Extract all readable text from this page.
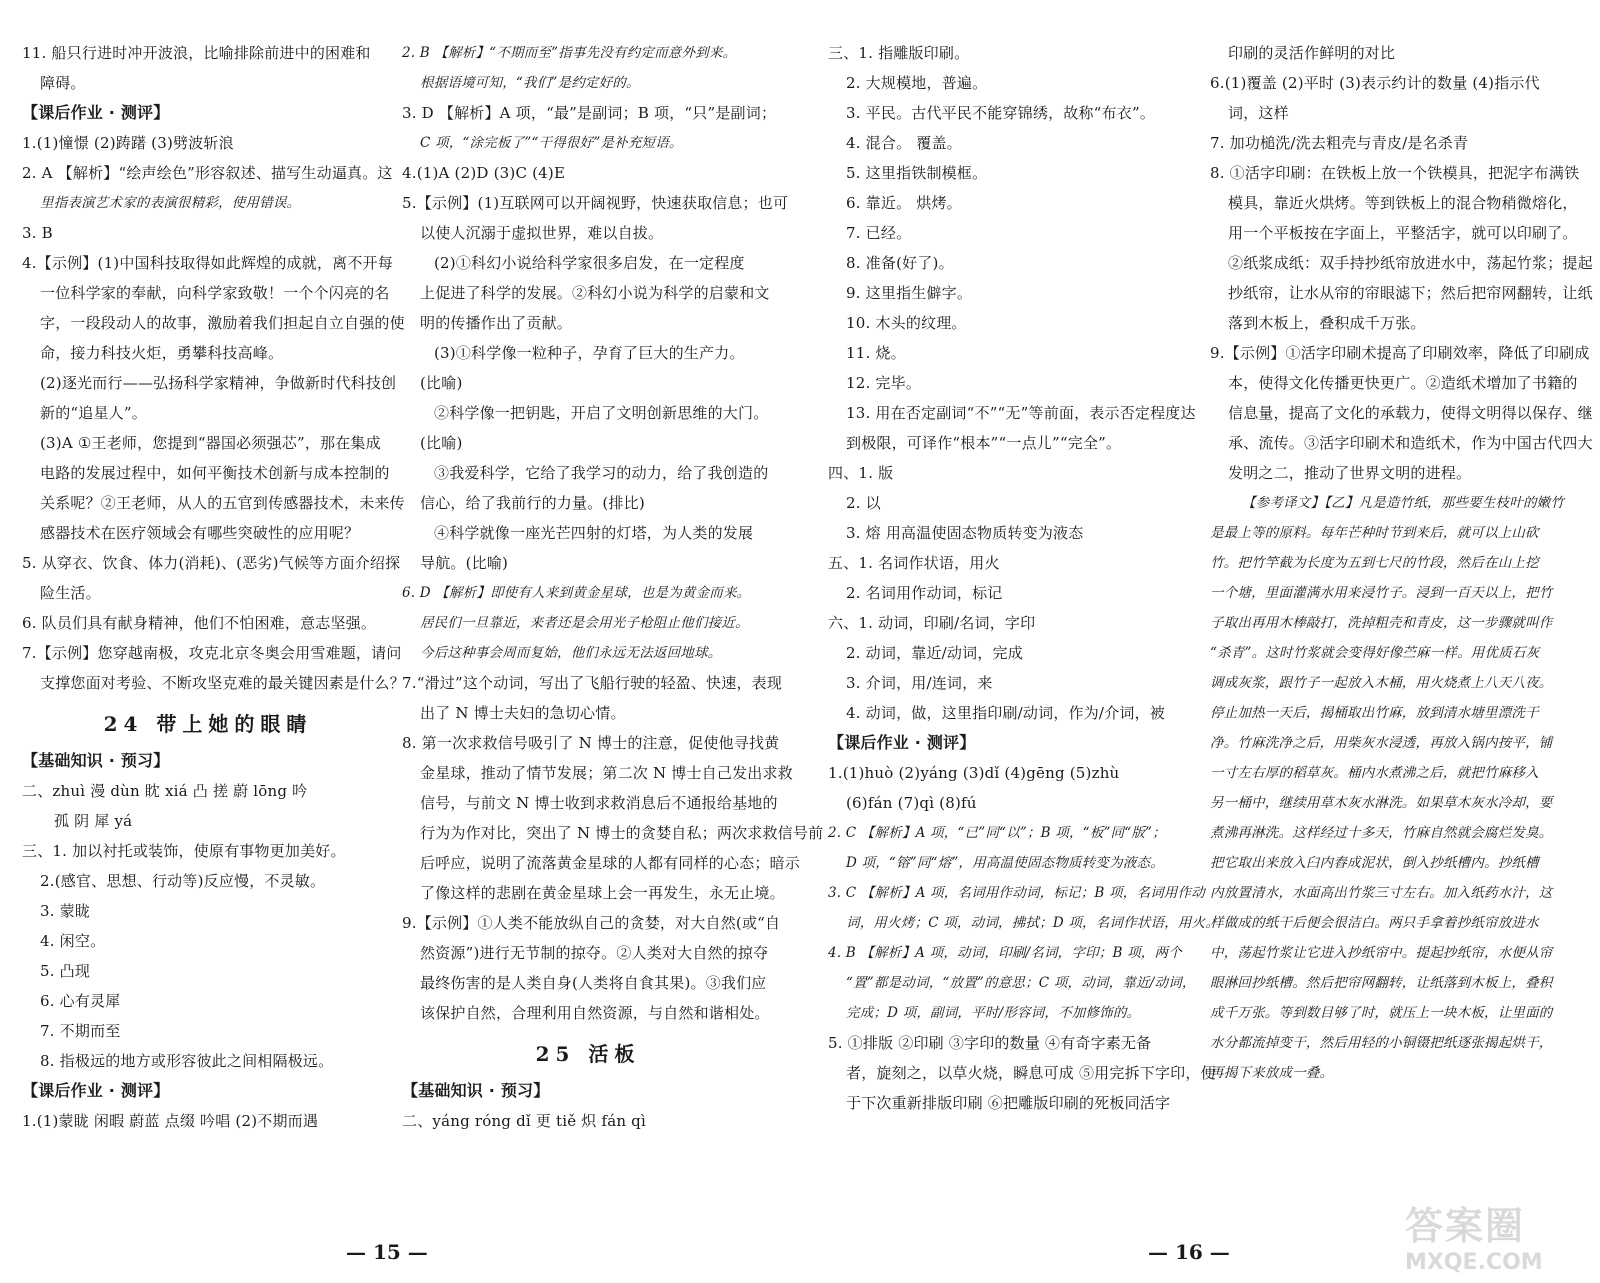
11. 船只行进时冲开波浪，比喻排除前进中的困难和
障碍。
【课后作业 · 测评】
1.(1)憧憬 (2)踌躇 (3)劈波斩浪
2. A 【解析】“绘声绘色”形容叙述、描写生动逼真。这
里指表演艺术家的表演很精彩，使用错误。
3. B
4.【示例】(1)中国科技取得如此辉煌的成就，离不开每
一位科学家的奉献，向科学家致敬！一个个闪亮的名
字，一段段动人的故事，激励着我们担起自立自强的使
命，接力科技火炬，勇攀科技高峰。
(2)逐光而行——弘扬科学家精神，争做新时代科技创
新的“追星人”。
(3)A ①王老师，您提到“器国必须强芯”，那在集成
电路的发展过程中，如何平衡技术创新与成本控制的
关系呢？②王老师，从人的五官到传感器技术，未来传
感器技术在医疗领域会有哪些突破性的应用呢？
5. 从穿衣、饮食、体力(消耗)、(恶劣)气候等方面介绍探
险生活。
6. 队员们具有献身精神，他们不怕困难，意志坚强。
7.【示例】您穿越南极，攻克北京冬奥会用雪难题，请问
支撑您面对考验、不断攻坚克难的最关键因素是什么？
24 带上她的眼睛
【基础知识 · 预习】
二、zhuì 漫 dùn 眈 xiá 凸 搓 蔚 lōng 吟
孤 阴 犀 yá
三、1. 加以衬托或装饰，使原有事物更加美好。
2.(感官、思想、行动等)反应慢，不灵敏。
3. 蒙眬
4. 闲空。
5. 凸现
6. 心有灵犀
7. 不期而至
8. 指极远的地方或形容彼此之间相隔极远。
【课后作业 · 测评】
1.(1)蒙眬 闲暇 蔚蓝 点缀 吟唱 (2)不期而遇
2. B 【解析】“不期而至”指事先没有约定而意外到来。
根据语境可知，“我们”是约定好的。
3. D 【解析】A 项，“最”是副词；B 项，“只”是副词；
C 项，“涂完板了”“干得很好”是补充短语。
4.(1)A (2)D (3)C (4)E
5.【示例】(1)互联网可以开阔视野，快速获取信息；也可
以使人沉溺于虚拟世界，难以自拔。
(2)①科幻小说给科学家很多启发，在一定程度
上促进了科学的发展。②科幻小说为科学的启蒙和文
明的传播作出了贡献。
(3)①科学像一粒种子，孕育了巨大的生产力。
(比喻)
②科学像一把钥匙，开启了文明创新思维的大门。
(比喻)
③我爱科学，它给了我学习的动力，给了我创造的
信心，给了我前行的力量。(排比)
④科学就像一座光芒四射的灯塔，为人类的发展
导航。(比喻)
6. D 【解析】即使有人来到黄金星球，也是为黄金而来。
居民们一旦靠近，来者还是会用光子枪阻止他们接近。
今后这种事会周而复始，他们永远无法返回地球。
7.“滑过”这个动词，写出了飞船行驶的轻盈、快速，表现
出了 N 博士夫妇的急切心情。
8. 第一次求救信号吸引了 N 博士的注意，促使他寻找黄
金星球，推动了情节发展；第二次 N 博士自己发出求救
信号，与前文 N 博士收到求救消息后不通报给基地的
行为为作对比，突出了 N 博士的贪婪自私；两次求救信号前
后呼应，说明了流落黄金星球的人都有同样的心态；暗示
了像这样的悲剧在黄金星球上会一再发生，永无止境。
9.【示例】①人类不能放纵自己的贪婪，对大自然(或“自
然资源”)进行无节制的掠夺。②人类对大自然的掠夺
最终伤害的是人类自身(人类将自食其果)。③我们应
该保护自然，合理利用自然资源，与自然和谐相处。
25 活板
【基础知识 · 预习】
二、yáng róng dǐ 更 tiě 炽 fán qì
三、1. 指雕版印刷。
2. 大规模地，普遍。
3. 平民。古代平民不能穿锦绣，故称“布衣”。
4. 混合。 覆盖。
5. 这里指铁制模框。
6. 靠近。 烘烤。
7. 已经。
8. 准备(好了)。
9. 这里指生僻字。
10. 木头的纹理。
11. 烧。
12. 完毕。
13. 用在否定副词“不”“无”等前面，表示否定程度达
到极限，可译作“根本”“一点儿”“完全”。
四、1. 版
2. 以
3. 熔 用高温使固态物质转变为液态
五、1. 名词作状语，用火
2. 名词用作动词，标记
六、1. 动词，印刷/名词，字印
2. 动词，靠近/动词，完成
3. 介词，用/连词，来
4. 动词，做，这里指印刷/动词，作为/介词，被
【课后作业 · 测评】
1.(1)huò (2)yáng (3)dǐ (4)gēng (5)zhù
(6)fán (7)qì (8)fú
2. C 【解析】A 项，“已”同“以”；B 项，“板”同“版”；
D 项，“镕”同“熔”，用高温使固态物质转变为液态。
3. C 【解析】A 项，名词用作动词，标记；B 项，名词用作动
词，用火烤；C 项，动词，拂拭；D 项，名词作状语，用火。
4. B 【解析】A 项，动词，印刷/名词，字印；B 项，两个
“置”都是动词，“放置”的意思；C 项，动词，靠近/动词，
完成；D 项，副词，平时/形容词，不加修饰的。
5. ①排版 ②印刷 ③字印的数量 ④有奇字素无备
者，旋刻之，以草火烧，瞬息可成 ⑤用完拆下字印，便
于下次重新排版印刷 ⑥把雕版印刷的死板同活字
印刷的灵活作鲜明的对比
6.(1)覆盖 (2)平时 (3)表示约计的数量 (4)指示代
词，这样
7. 加功槌洗/洗去粗壳与青皮/是名杀青
8. ①活字印刷：在铁板上放一个铁模具，把泥字布满铁
模具，靠近火烘烤。等到铁板上的混合物稍微熔化，
用一个平板按在字面上，平整活字，就可以印刷了。
②纸浆成纸：双手持抄纸帘放进水中，荡起竹浆；提起
抄纸帘，让水从帘的帘眼滤下；然后把帘网翻转，让纸
落到木板上，叠积成千万张。
9.【示例】①活字印刷术提高了印刷效率，降低了印刷成
本，使得文化传播更快更广。②造纸术增加了书籍的
信息量，提高了文化的承载力，使得文明得以保存、继
承、流传。③活字印刷术和造纸术，作为中国古代四大
发明之二，推动了世界文明的进程。
【参考译文】【乙】凡是造竹纸，那些要生枝叶的嫩竹
是最上等的原料。每年芒种时节到来后，就可以上山砍
竹。把竹竿截为长度为五到七尺的竹段，然后在山上挖
一个塘，里面灌满水用来浸竹子。浸到一百天以上，把竹
子取出再用木棒敲打，洗掉粗壳和青皮，这一步骤就叫作
“杀青”。这时竹浆就会变得好像苎麻一样。用优质石灰
调成灰浆，跟竹子一起放入木桶，用火烧煮上八天八夜。
停止加热一天后，揭桶取出竹麻，放到清水塘里漂洗干
净。竹麻洗净之后，用柴灰水浸透，再放入锅内按平，铺
一寸左右厚的稻草灰。桶内水煮沸之后，就把竹麻移入
另一桶中，继续用草木灰水淋洗。如果草木灰水冷却，要
煮沸再淋洗。这样经过十多天，竹麻自然就会腐烂发臭。
把它取出来放入臼内舂成泥状，倒入抄纸槽内。抄纸槽
内放置清水，水面高出竹浆三寸左右。加入纸药水汁，这
样做成的纸干后便会很洁白。两只手拿着抄纸帘放进水
中，荡起竹浆让它进入抄纸帘中。提起抄纸帘，水便从帘
眼淋回抄纸槽。然后把帘网翻转，让纸落到木板上，叠积
成千万张。等到数目够了时，就压上一块木板，让里面的
水分都流掉变干，然后用轻的小铜镊把纸逐张揭起烘干，
再揭下来放成一叠。
— 15 —	— 16 —
答案圈
MXQE.COM
